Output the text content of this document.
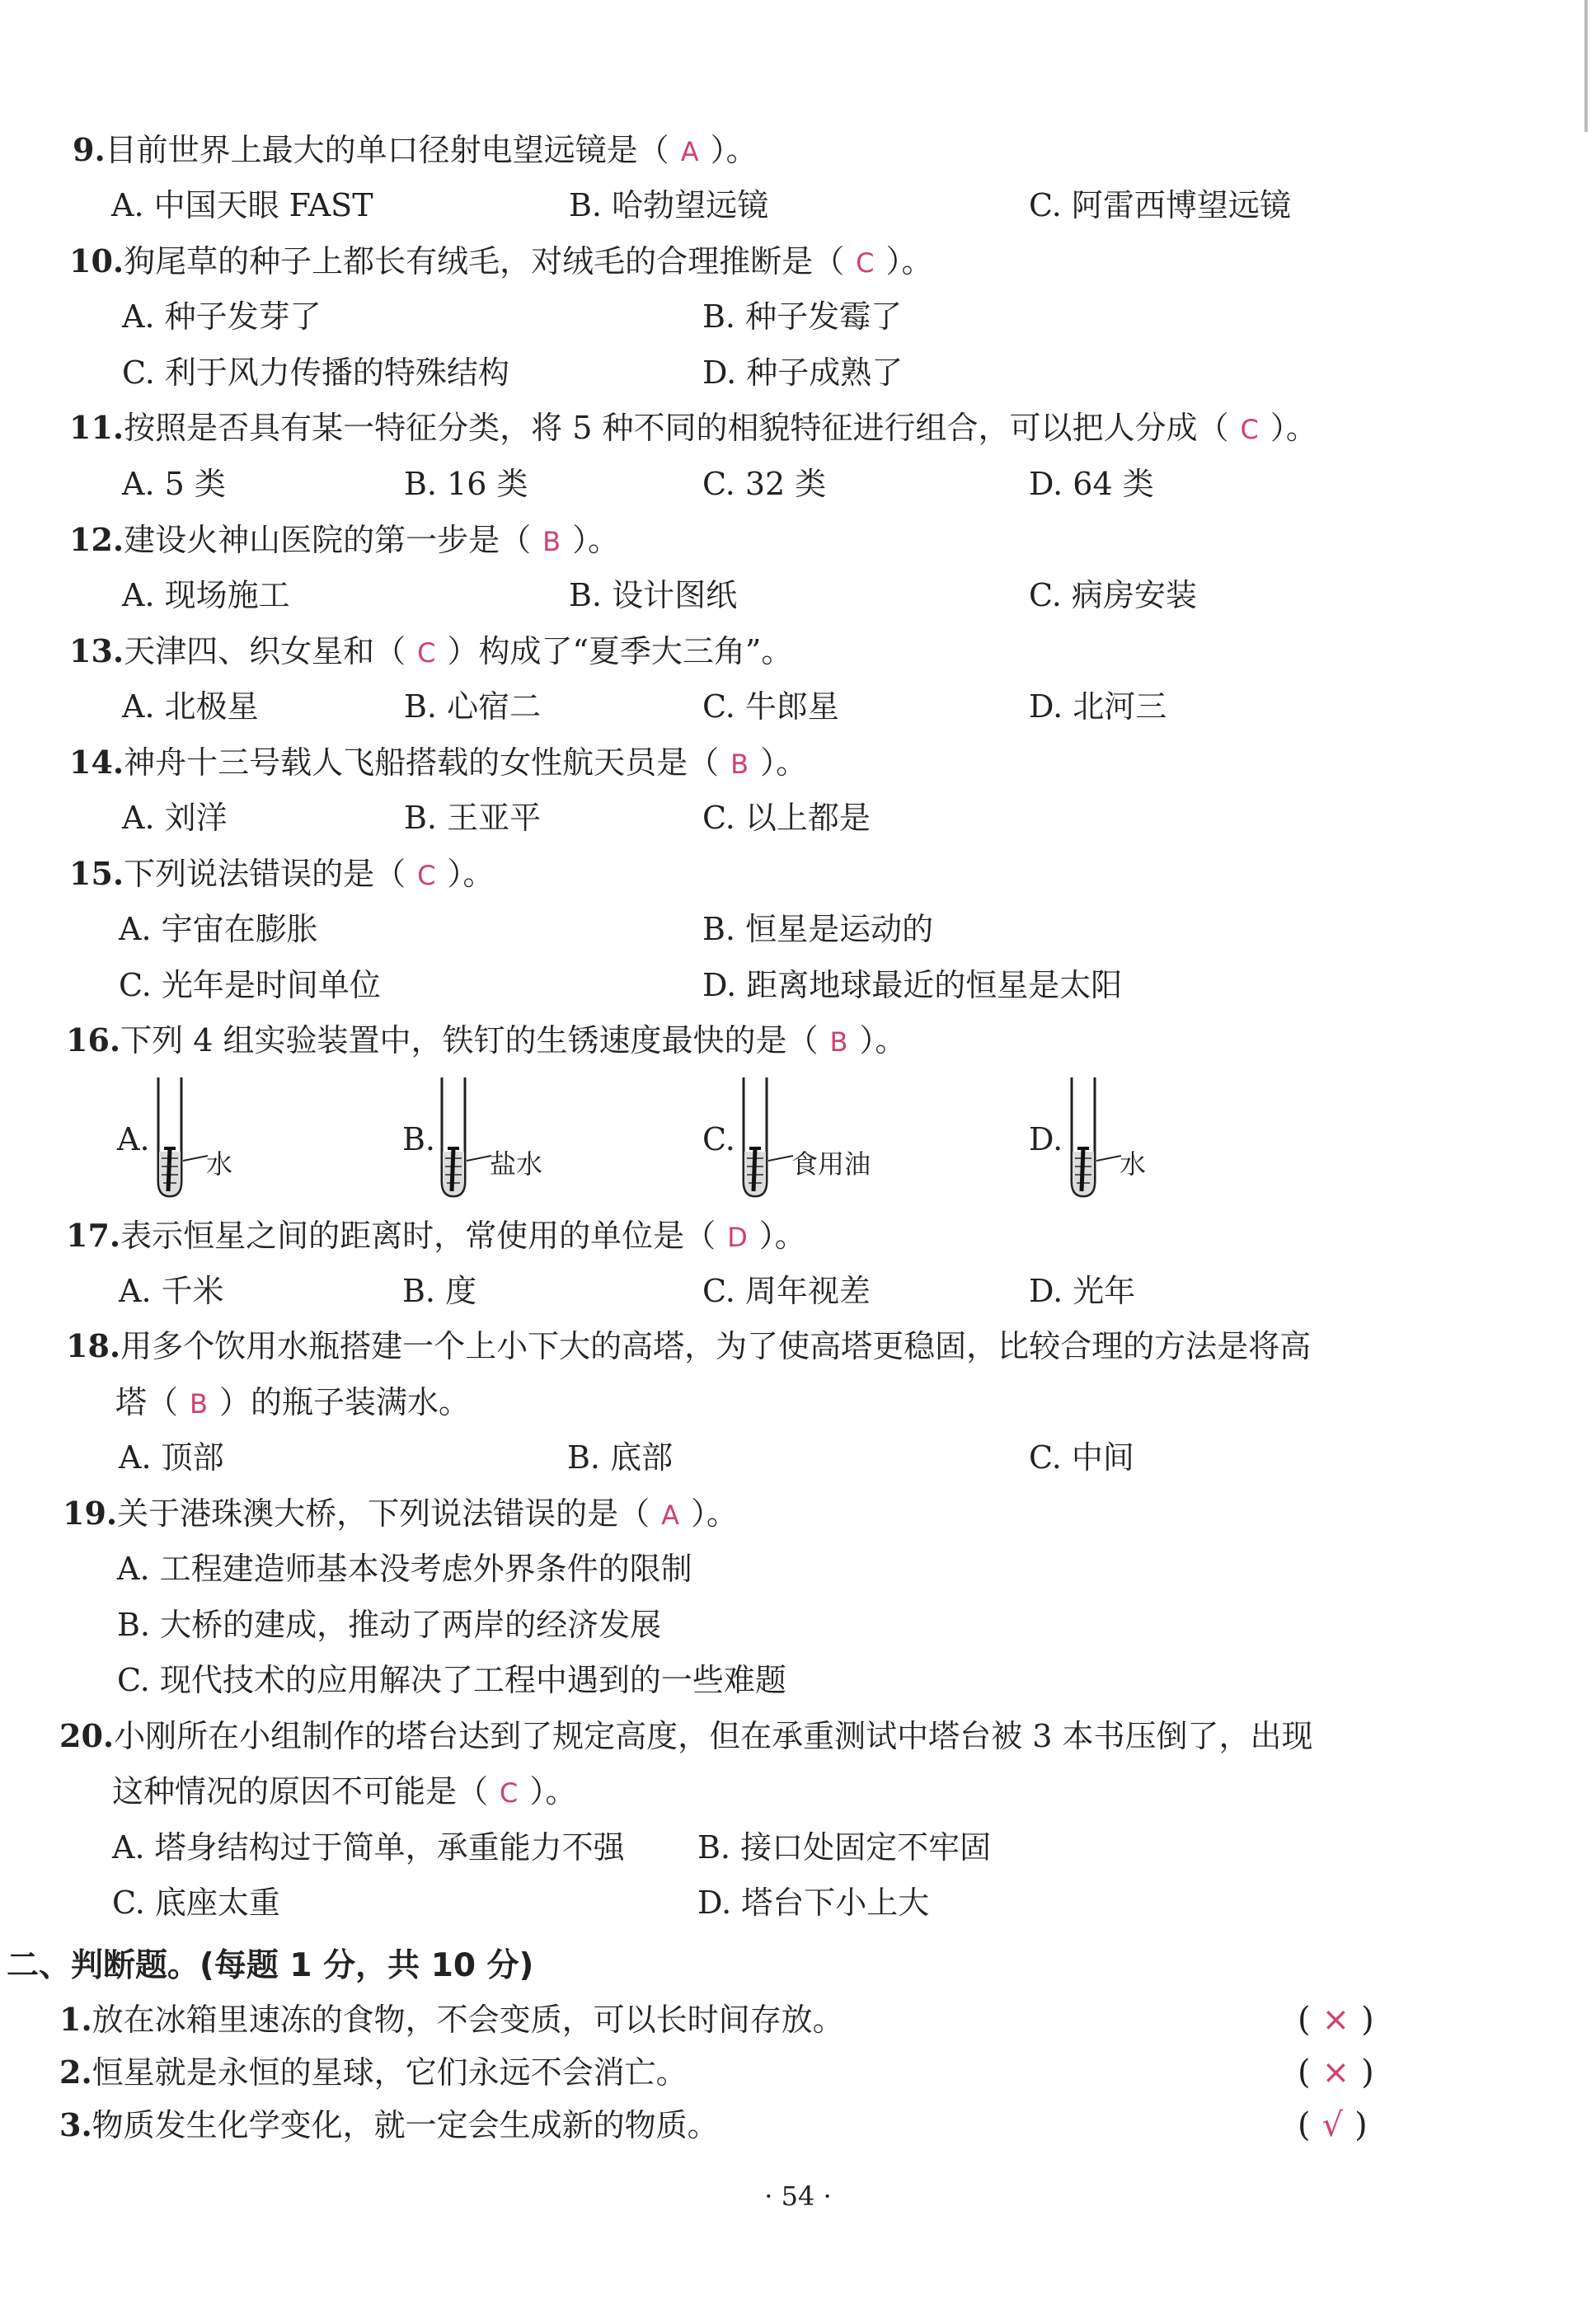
9.目前世界上最大的单口径射电望远镜是（ A ）。
A. 中国天眼 FAST	B. 哈勃望远镜	C. 阿雷西博望远镜
10.狗尾草的种子上都长有绒毛，对绒毛的合理推断是（ C ）。
A. 种子发芽了	B. 种子发霉了
C. 利于风力传播的特殊结构	D. 种子成熟了
11.按照是否具有某一特征分类，将 5 种不同的相貌特征进行组合，可以把人分成（ C ）。
A. 5 类	B. 16 类	C. 32 类	D. 64 类
12.建设火神山医院的第一步是（ B ）。
A. 现场施工	B. 设计图纸	C. 病房安装
13.天津四、织女星和（ C ）构成了“夏季大三角”。
A. 北极星	B. 心宿二	C. 牛郎星	D. 北河三
14.神舟十三号载人飞船搭载的女性航天员是（ B ）。
A. 刘洋	B. 王亚平	C. 以上都是
15.下列说法错误的是（ C ）。
A. 宇宙在膨胀	B. 恒星是运动的
C. 光年是时间单位	D. 距离地球最近的恒星是太阳
16.下列 4 组实验装置中，铁钉的生锈速度最快的是（ B ）。
A.
水
B.
盐水
C.
食用油
D.
水
17.表示恒星之间的距离时，常使用的单位是（ D ）。
A. 千米	B. 度	C. 周年视差	D. 光年
18.用多个饮用水瓶搭建一个上小下大的高塔，为了使高塔更稳固，比较合理的方法是将高
塔（ B ）的瓶子装满水。
A. 顶部	B. 底部	C. 中间
19.关于港珠澳大桥，下列说法错误的是（ A ）。
A. 工程建造师基本没考虑外界条件的限制
B. 大桥的建成，推动了两岸的经济发展
C. 现代技术的应用解决了工程中遇到的一些难题
20.小刚所在小组制作的塔台达到了规定高度，但在承重测试中塔台被 3 本书压倒了，出现
这种情况的原因不可能是（ C ）。
A. 塔身结构过于简单，承重能力不强 B. 接口处固定不牢固
C. 底座太重	D. 塔台下小上大
二、判断题。(每题 1 分，共 10 分)
1.放在冰箱里速冻的食物，不会变质，可以长时间存放。	( × )
2.恒星就是永恒的星球，它们永远不会消亡。	( × )
3.物质发生化学变化，就一定会生成新的物质。	( √ )
· 54 ·
